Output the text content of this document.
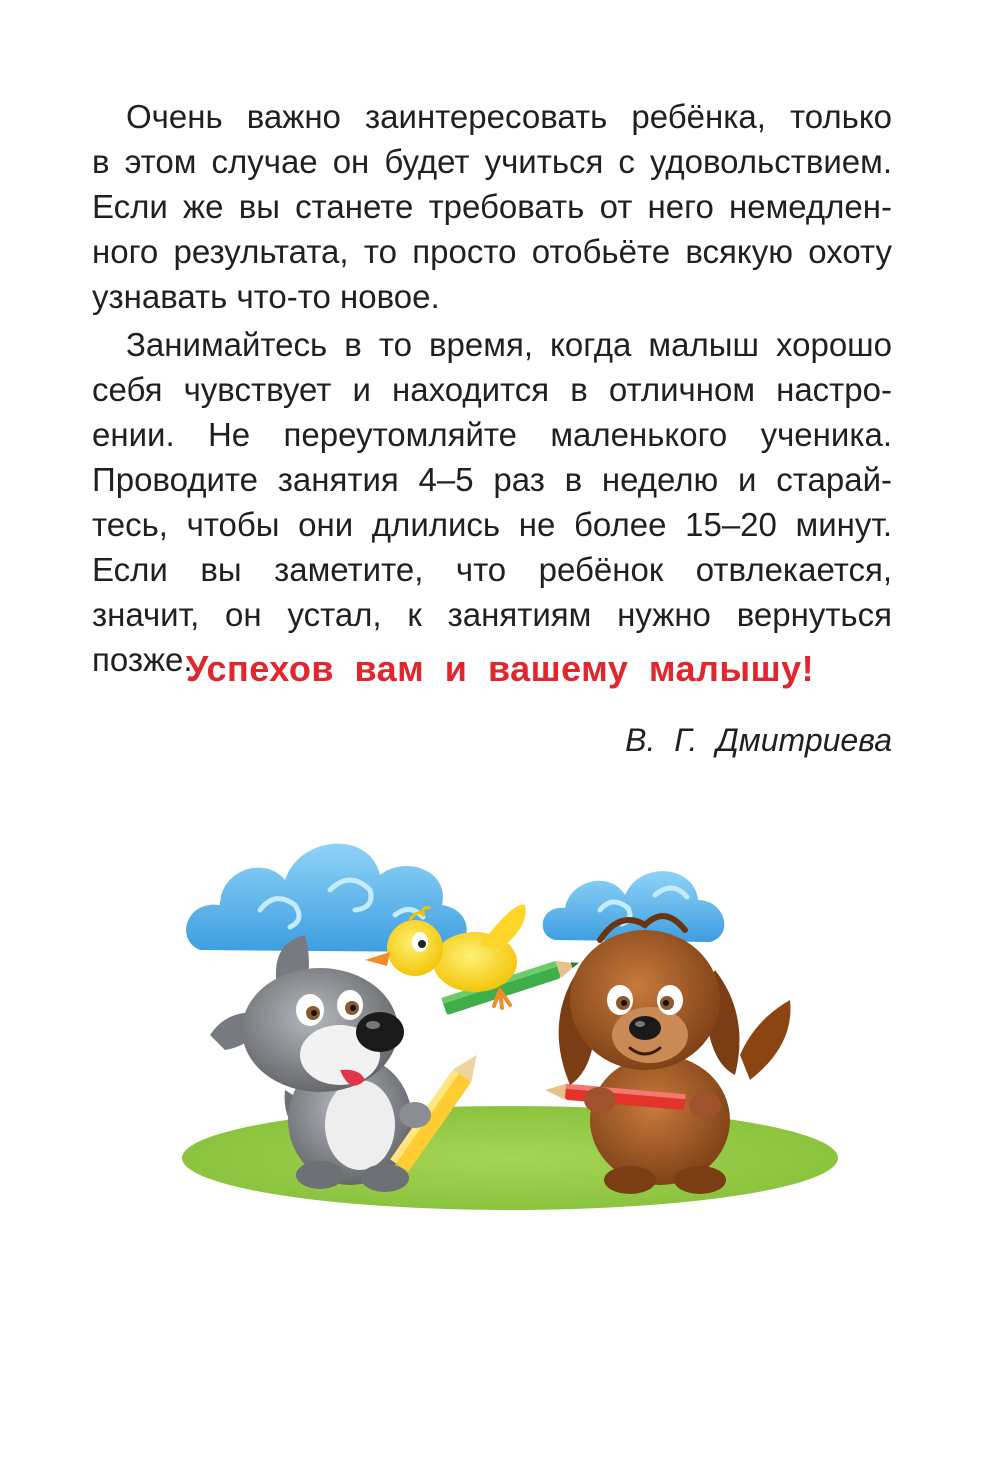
Очень важно заинтересовать ребёнка, только
в этом случае он будет учиться с удовольствием.
Если же вы станете требовать от него немедлен-
ного результата, то просто отобьёте всякую охоту
узнавать что-то новое.
Занимайтесь в то время, когда малыш хорошо
себя чувствует и находится в отличном настро-
ении. Не переутомляйте маленького ученика.
Проводите занятия 4–5 раз в неделю и старай-
тесь, чтобы они длились не более 15–20 минут.
Если вы заметите, что ребёнок отвлекается,
значит, он устал, к занятиям нужно вернуться
позже.
Успехов вам и вашему малышу!
В. Г. Дмитриева
